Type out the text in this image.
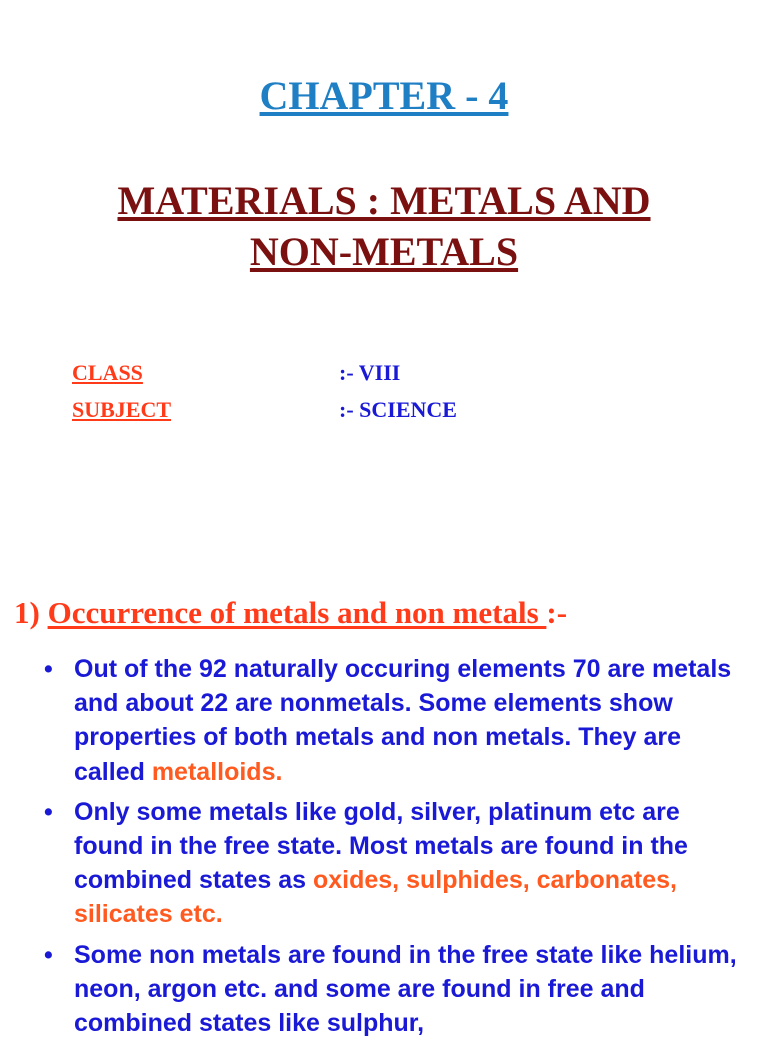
CHAPTER - 4
MATERIALS : METALS AND
NON-METALS
CLASS	:- VIII
SUBJECT	:- SCIENCE
1) Occurrence of metals and non metals :-
• Out of the 92 naturally occuring elements 70 are metals and about 22 are nonmetals. Some elements show properties of both metals and non metals. They are called metalloids.
• Only some metals like gold, silver, platinum etc are found in the free state. Most metals are found in the combined states as oxides, sulphides, carbonates, silicates etc.
• Some non metals are found in the free state like helium, neon, argon etc. and some are found in free and combined states like sulphur,
